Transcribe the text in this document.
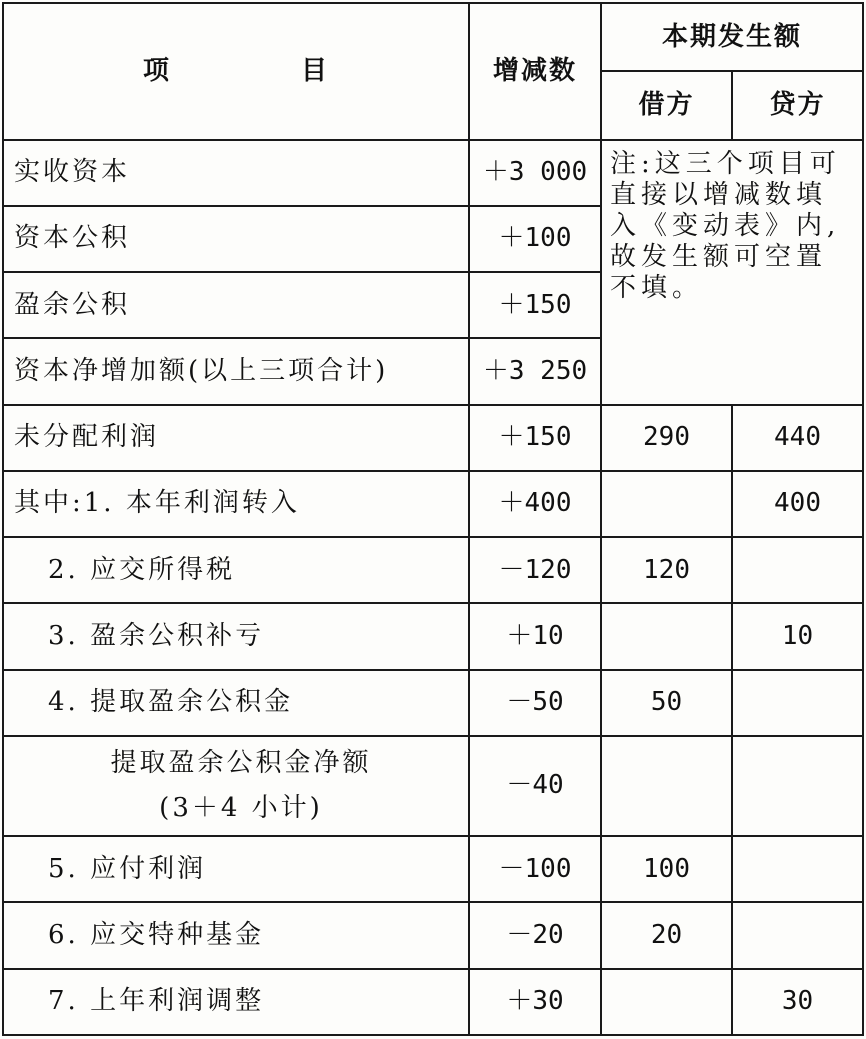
项 目	增减数	本期发生额	
		借方	贷方
实收资本	＋3 000	注:这三个项目可直接以增减数填入《变动表》内,故发生额可空置不填。	
资本公积	＋100		
盈余公积	＋150		
资本净增加额(以上三项合计)	＋3 250		
未分配利润	＋150	290	440
其中:1. 本年利润转入	＋400		400
2. 应交所得税	－120	120	
3. 盈余公积补亏	＋10		10
4. 提取盈余公积金	－50	50	

提取盈余公积金净额
(3＋4 小计)	－40		
5. 应付利润	－100	100	
6. 应交特种基金	－20	20	
7. 上年利润调整	＋30		30
